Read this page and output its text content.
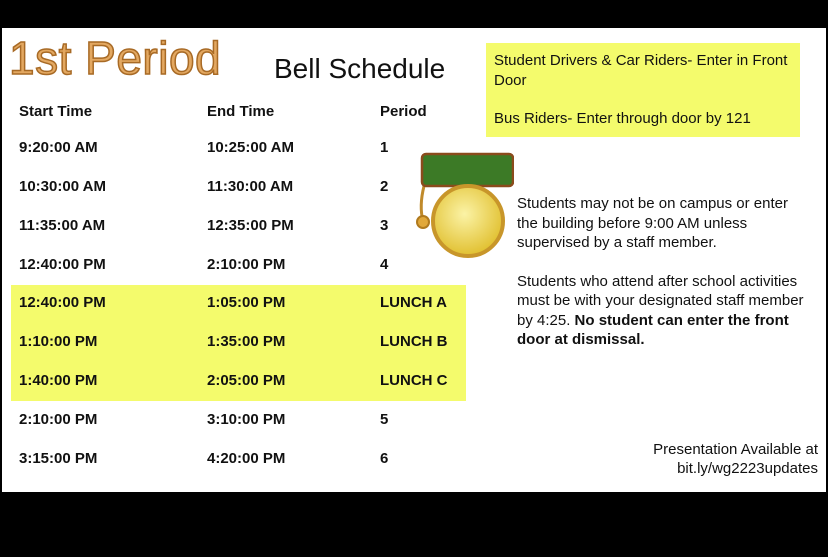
1st Period Bell Schedule	Student Drivers & Car Riders- Enter in Front Door

Bus Riders- Enter through door by 121

Start Time	End Time	Period
9:20:00 AM	10:25:00 AM	1
10:30:00 AM	11:30:00 AM	2
11:35:00 AM	12:35:00 PM	3
12:40:00 PM	2:10:00 PM	4
12:40:00 PM	1:05:00 PM	LUNCH A
1:10:00 PM	1:35:00 PM	LUNCH B
1:40:00 PM	2:05:00 PM	LUNCH C
2:10:00 PM	3:10:00 PM	5
3:15:00 PM	4:20:00 PM	6

Students may not be on campus or enter the building before 9:00 AM unless supervised by a staff member.

Students who attend after school activities must be with your designated staff member by 4:25. No student can enter the front door at dismissal.

Presentation Available at
bit.ly/wg2223updates
